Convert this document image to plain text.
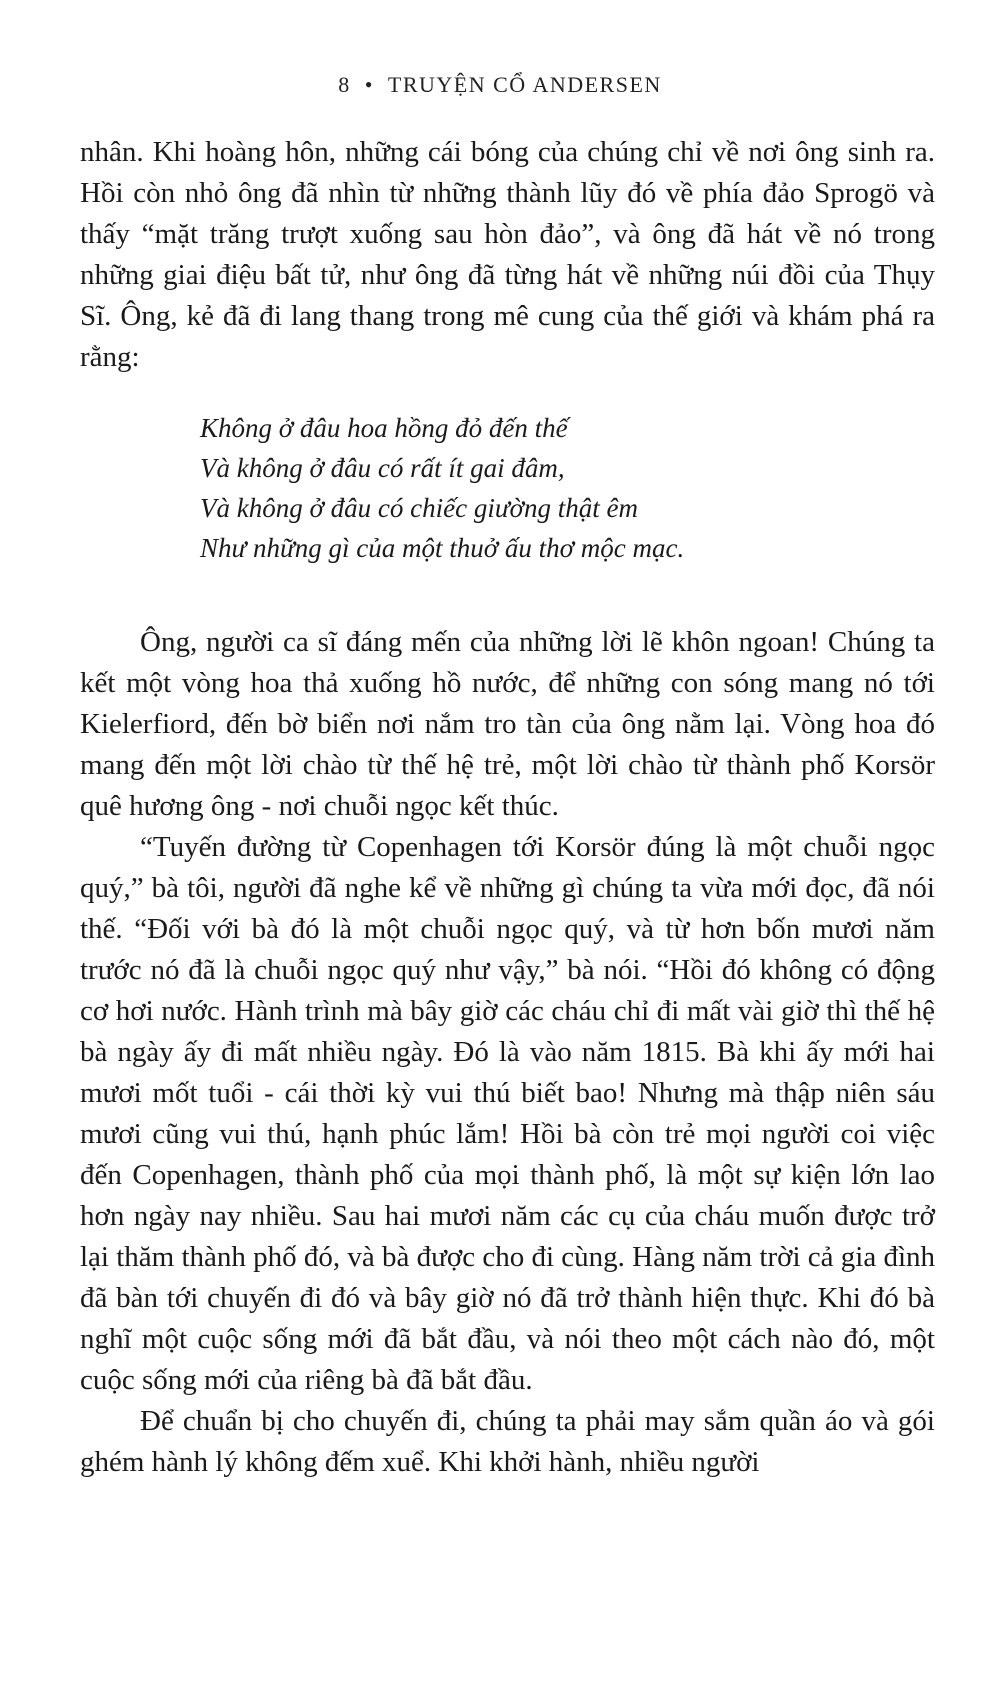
8 • TRUYỆN CỔ ANDERSEN

nhân. Khi hoàng hôn, những cái bóng của chúng chỉ về nơi ông sinh ra. Hồi còn nhỏ ông đã nhìn từ những thành lũy đó về phía đảo Sprogö và thấy “mặt trăng trượt xuống sau hòn đảo”, và ông đã hát về nó trong những giai điệu bất tử, như ông đã từng hát về những núi đồi của Thụy Sĩ. Ông, kẻ đã đi lang thang trong mê cung của thế giới và khám phá ra rằng:

Không ở đâu hoa hồng đỏ đến thế
Và không ở đâu có rất ít gai đâm,
Và không ở đâu có chiếc giường thật êm
Như những gì của một thuở ấu thơ mộc mạc.

Ông, người ca sĩ đáng mến của những lời lẽ khôn ngoan! Chúng ta kết một vòng hoa thả xuống hồ nước, để những con sóng mang nó tới Kielerfiord, đến bờ biển nơi nắm tro tàn của ông nằm lại. Vòng hoa đó mang đến một lời chào từ thế hệ trẻ, một lời chào từ thành phố Korsör quê hương ông - nơi chuỗi ngọc kết thúc.

“Tuyến đường từ Copenhagen tới Korsör đúng là một chuỗi ngọc quý,” bà tôi, người đã nghe kể về những gì chúng ta vừa mới đọc, đã nói thế. “Đối với bà đó là một chuỗi ngọc quý, và từ hơn bốn mươi năm trước nó đã là chuỗi ngọc quý như vậy,” bà nói. “Hồi đó không có động cơ hơi nước. Hành trình mà bây giờ các cháu chỉ đi mất vài giờ thì thế hệ bà ngày ấy đi mất nhiều ngày. Đó là vào năm 1815. Bà khi ấy mới hai mươi mốt tuổi - cái thời kỳ vui thú biết bao! Nhưng mà thập niên sáu mươi cũng vui thú, hạnh phúc lắm! Hồi bà còn trẻ mọi người coi việc đến Copenhagen, thành phố của mọi thành phố, là một sự kiện lớn lao hơn ngày nay nhiều. Sau hai mươi năm các cụ của cháu muốn được trở lại thăm thành phố đó, và bà được cho đi cùng. Hàng năm trời cả gia đình đã bàn tới chuyến đi đó và bây giờ nó đã trở thành hiện thực. Khi đó bà nghĩ một cuộc sống mới đã bắt đầu, và nói theo một cách nào đó, một cuộc sống mới của riêng bà đã bắt đầu.

Để chuẩn bị cho chuyến đi, chúng ta phải may sắm quần áo và gói ghém hành lý không đếm xuể. Khi khởi hành, nhiều người
